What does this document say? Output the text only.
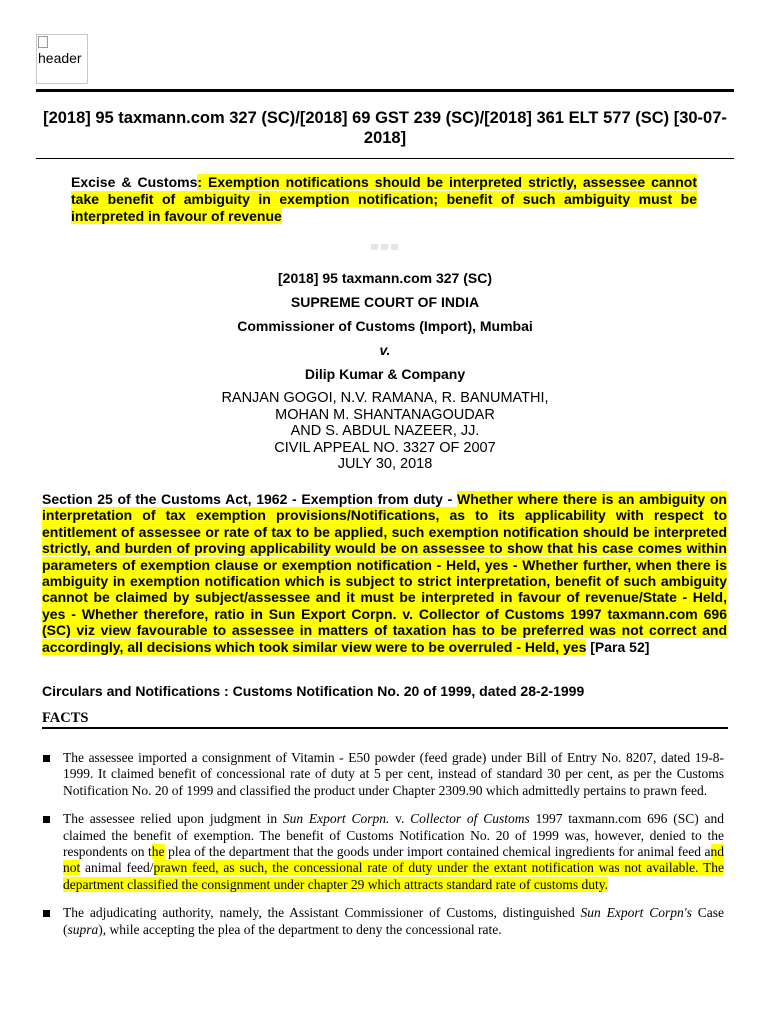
header
[2018] 95 taxmann.com 327 (SC)/[2018] 69 GST 239 (SC)/[2018] 361 ELT 577 (SC) [30-07-2018]
Excise & Customs: Exemption notifications should be interpreted strictly, assessee cannot take benefit of ambiguity in exemption notification; benefit of such ambiguity must be interpreted in favour of revenue
[2018] 95 taxmann.com 327 (SC)
SUPREME COURT OF INDIA
Commissioner of Customs (Import), Mumbai
v.
Dilip Kumar & Company
RANJAN GOGOI, N.V. RAMANA, R. BANUMATHI,
MOHAN M. SHANTANAGOUDAR
AND S. ABDUL NAZEER, JJ.
CIVIL APPEAL NO. 3327 OF 2007
JULY 30, 2018
Section 25 of the Customs Act, 1962 - Exemption from duty - Whether where there is an ambiguity on interpretation of tax exemption provisions/Notifications, as to its applicability with respect to entitlement of assessee or rate of tax to be applied, such exemption notification should be interpreted strictly, and burden of proving applicability would be on assessee to show that his case comes within parameters of exemption clause or exemption notification - Held, yes - Whether further, when there is ambiguity in exemption notification which is subject to strict interpretation, benefit of such ambiguity cannot be claimed by subject/assessee and it must be interpreted in favour of revenue/State - Held, yes - Whether therefore, ratio in Sun Export Corpn. v. Collector of Customs 1997 taxmann.com 696 (SC) viz view favourable to assessee in matters of taxation has to be preferred was not correct and accordingly, all decisions which took similar view were to be overruled - Held, yes [Para 52]
Circulars and Notifications : Customs Notification No. 20 of 1999, dated 28-2-1999
FACTS
The assessee imported a consignment of Vitamin - E50 powder (feed grade) under Bill of Entry No. 8207, dated 19-8-1999. It claimed benefit of concessional rate of duty at 5 per cent, instead of standard 30 per cent, as per the Customs Notification No. 20 of 1999 and classified the product under Chapter 2309.90 which admittedly pertains to prawn feed.
The assessee relied upon judgment in Sun Export Corpn. v. Collector of Customs 1997 taxmann.com 696 (SC) and claimed the benefit of exemption. The benefit of Customs Notification No. 20 of 1999 was, however, denied to the respondents on the plea of the department that the goods under import contained chemical ingredients for animal feed and not animal feed/prawn feed, as such, the concessional rate of duty under the extant notification was not available. The department classified the consignment under chapter 29 which attracts standard rate of customs duty.
The adjudicating authority, namely, the Assistant Commissioner of Customs, distinguished Sun Export Corpn's Case (supra), while accepting the plea of the department to deny the concessional rate.
